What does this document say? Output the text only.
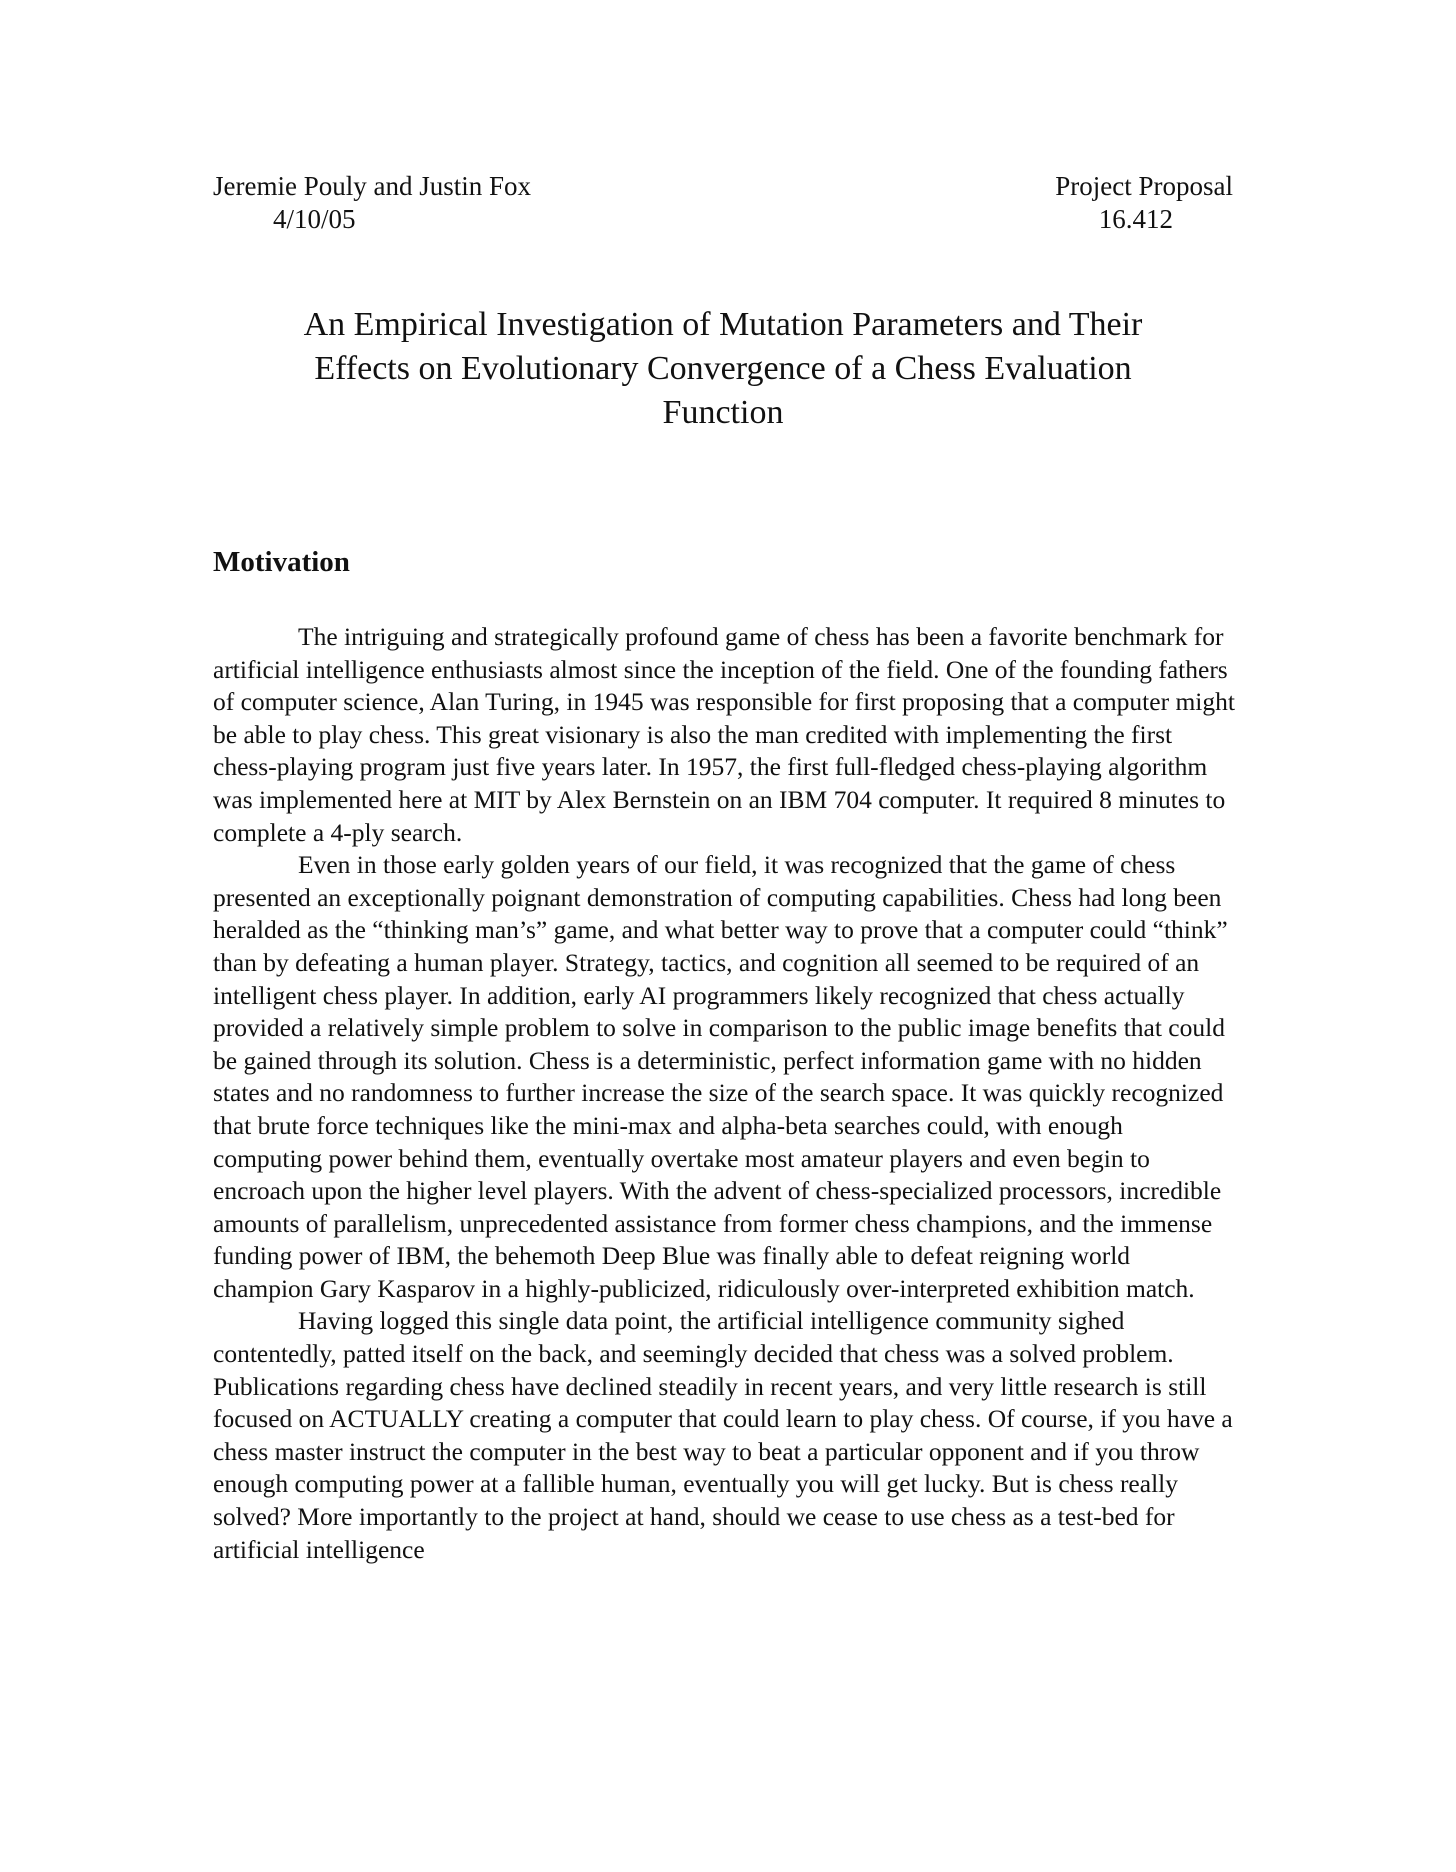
Jeremie Pouly and Justin Fox
4/10/05
Project Proposal
16.412
An Empirical Investigation of Mutation Parameters and Their
Effects on Evolutionary Convergence of a Chess Evaluation
Function
Motivation

The intriguing and strategically profound game of chess has been a favorite benchmark for artificial intelligence enthusiasts almost since the inception of the field. One of the founding fathers of computer science, Alan Turing, in 1945 was responsible for first proposing that a computer might be able to play chess. This great visionary is also the man credited with implementing the first chess-playing program just five years later. In 1957, the first full-fledged chess-playing algorithm was implemented here at MIT by Alex Bernstein on an IBM 704 computer. It required 8 minutes to complete a 4-ply search.

Even in those early golden years of our field, it was recognized that the game of chess presented an exceptionally poignant demonstration of computing capabilities. Chess had long been heralded as the “thinking man’s” game, and what better way to prove that a computer could “think” than by defeating a human player. Strategy, tactics, and cognition all seemed to be required of an intelligent chess player. In addition, early AI programmers likely recognized that chess actually provided a relatively simple problem to solve in comparison to the public image benefits that could be gained through its solution. Chess is a deterministic, perfect information game with no hidden states and no randomness to further increase the size of the search space. It was quickly recognized that brute force techniques like the mini-max and alpha-beta searches could, with enough computing power behind them, eventually overtake most amateur players and even begin to encroach upon the higher level players. With the advent of chess-specialized processors, incredible amounts of parallelism, unprecedented assistance from former chess champions, and the immense funding power of IBM, the behemoth Deep Blue was finally able to defeat reigning world champion Gary Kasparov in a highly-publicized, ridiculously over-interpreted exhibition match.

Having logged this single data point, the artificial intelligence community sighed contentedly, patted itself on the back, and seemingly decided that chess was a solved problem. Publications regarding chess have declined steadily in recent years, and very little research is still focused on ACTUALLY creating a computer that could learn to play chess. Of course, if you have a chess master instruct the computer in the best way to beat a particular opponent and if you throw enough computing power at a fallible human, eventually you will get lucky. But is chess really solved? More importantly to the project at hand, should we cease to use chess as a test-bed for artificial intelligence
